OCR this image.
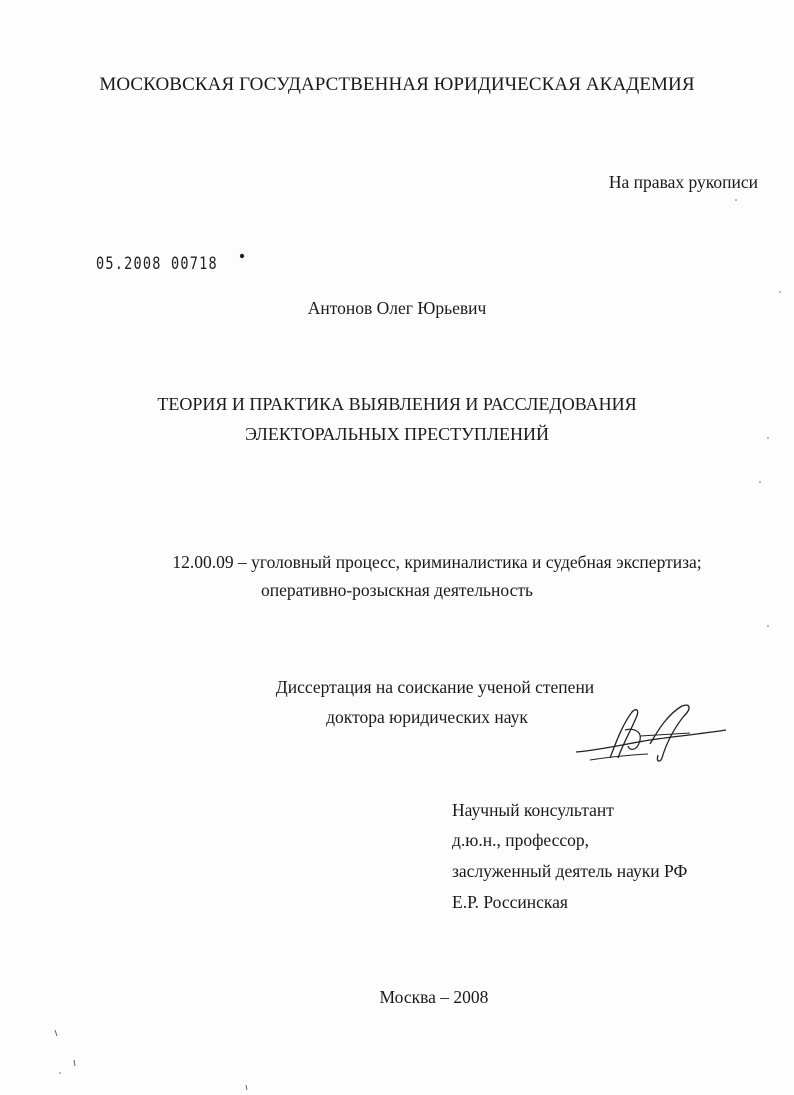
МОСКОВСКАЯ ГОСУДАРСТВЕННАЯ ЮРИДИЧЕСКАЯ АКАДЕМИЯ
На правах рукописи
05.2008 00718
Антонов Олег Юрьевич
ТЕОРИЯ И ПРАКТИКА ВЫЯВЛЕНИЯ И РАССЛЕДОВАНИЯ
ЭЛЕКТОРАЛЬНЫХ ПРЕСТУПЛЕНИЙ
12.00.09 – уголовный процесс, криминалистика и судебная экспертиза;
оперативно-розыскная деятельность
Диссертация на соискание ученой степени
доктора юридических наук
Научный консультант
д.ю.н., профессор,
заслуженный деятель науки РФ
Е.Р. Россинская
Москва – 2008
